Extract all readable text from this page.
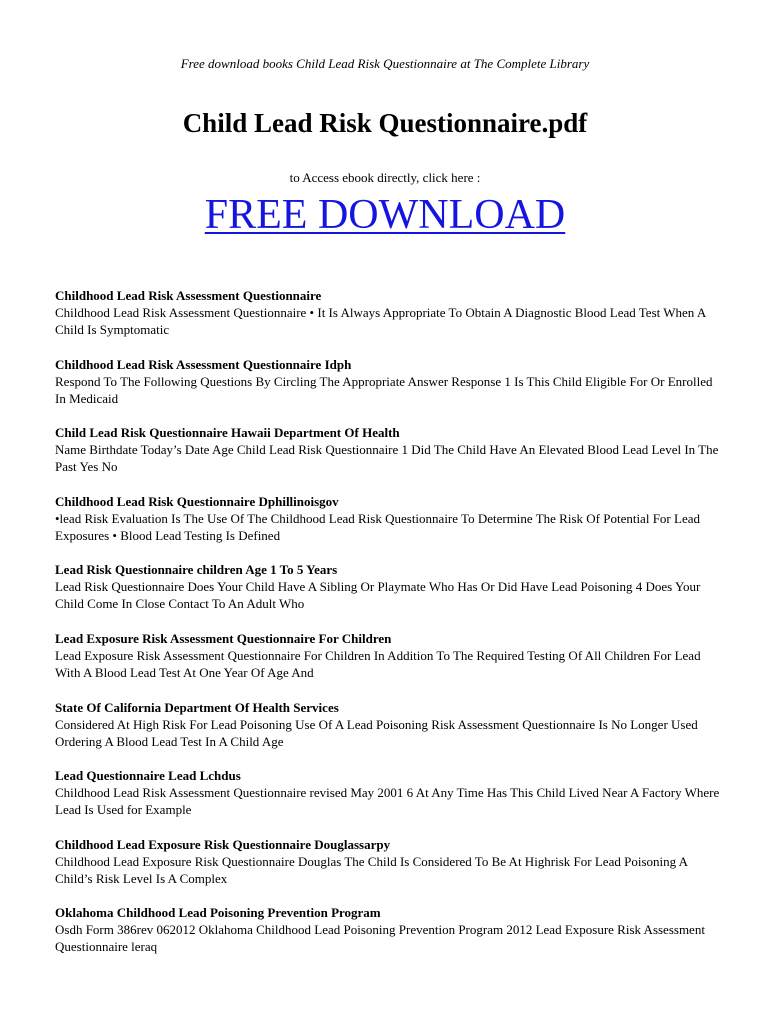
Free download books Child Lead Risk Questionnaire at The Complete Library
Child Lead Risk Questionnaire.pdf
to Access ebook directly, click here :
FREE DOWNLOAD
Childhood Lead Risk Assessment Questionnaire
Childhood Lead Risk Assessment Questionnaire • It Is Always Appropriate To Obtain A Diagnostic Blood Lead Test When A Child Is Symptomatic
Childhood Lead Risk Assessment Questionnaire Idph
Respond To The Following Questions By Circling The Appropriate Answer Response 1 Is This Child Eligible For Or Enrolled In Medicaid
Child Lead Risk Questionnaire Hawaii Department Of Health
Name Birthdate Today’s Date Age Child Lead Risk Questionnaire 1 Did The Child Have An Elevated Blood Lead Level In The Past Yes No
Childhood Lead Risk Questionnaire Dphillinoisgov
•lead Risk Evaluation Is The Use Of The Childhood Lead Risk Questionnaire To Determine The Risk Of Potential For Lead Exposures • Blood Lead Testing Is Defined
Lead Risk Questionnaire children Age 1 To 5 Years
Lead Risk Questionnaire Does Your Child Have A Sibling Or Playmate Who Has Or Did Have Lead Poisoning 4 Does Your Child Come In Close Contact To An Adult Who
Lead Exposure Risk Assessment Questionnaire For Children
Lead Exposure Risk Assessment Questionnaire For Children In Addition To The Required Testing Of All Children For Lead With A Blood Lead Test At One Year Of Age And
State Of California Department Of Health Services
Considered At High Risk For Lead Poisoning Use Of A Lead Poisoning Risk Assessment Questionnaire Is No Longer Used Ordering A Blood Lead Test In A Child Age
Lead Questionnaire Lead Lchdus
Childhood Lead Risk Assessment Questionnaire revised May 2001 6 At Any Time Has This Child Lived Near A Factory Where Lead Is Used for Example
Childhood Lead Exposure Risk Questionnaire Douglassarpy
Childhood Lead Exposure Risk Questionnaire Douglas The Child Is Considered To Be At Highrisk For Lead Poisoning A Child’s Risk Level Is A Complex
Oklahoma Childhood Lead Poisoning Prevention Program
Osdh Form 386rev 062012 Oklahoma Childhood Lead Poisoning Prevention Program 2012 Lead Exposure Risk Assessment Questionnaire leraq
